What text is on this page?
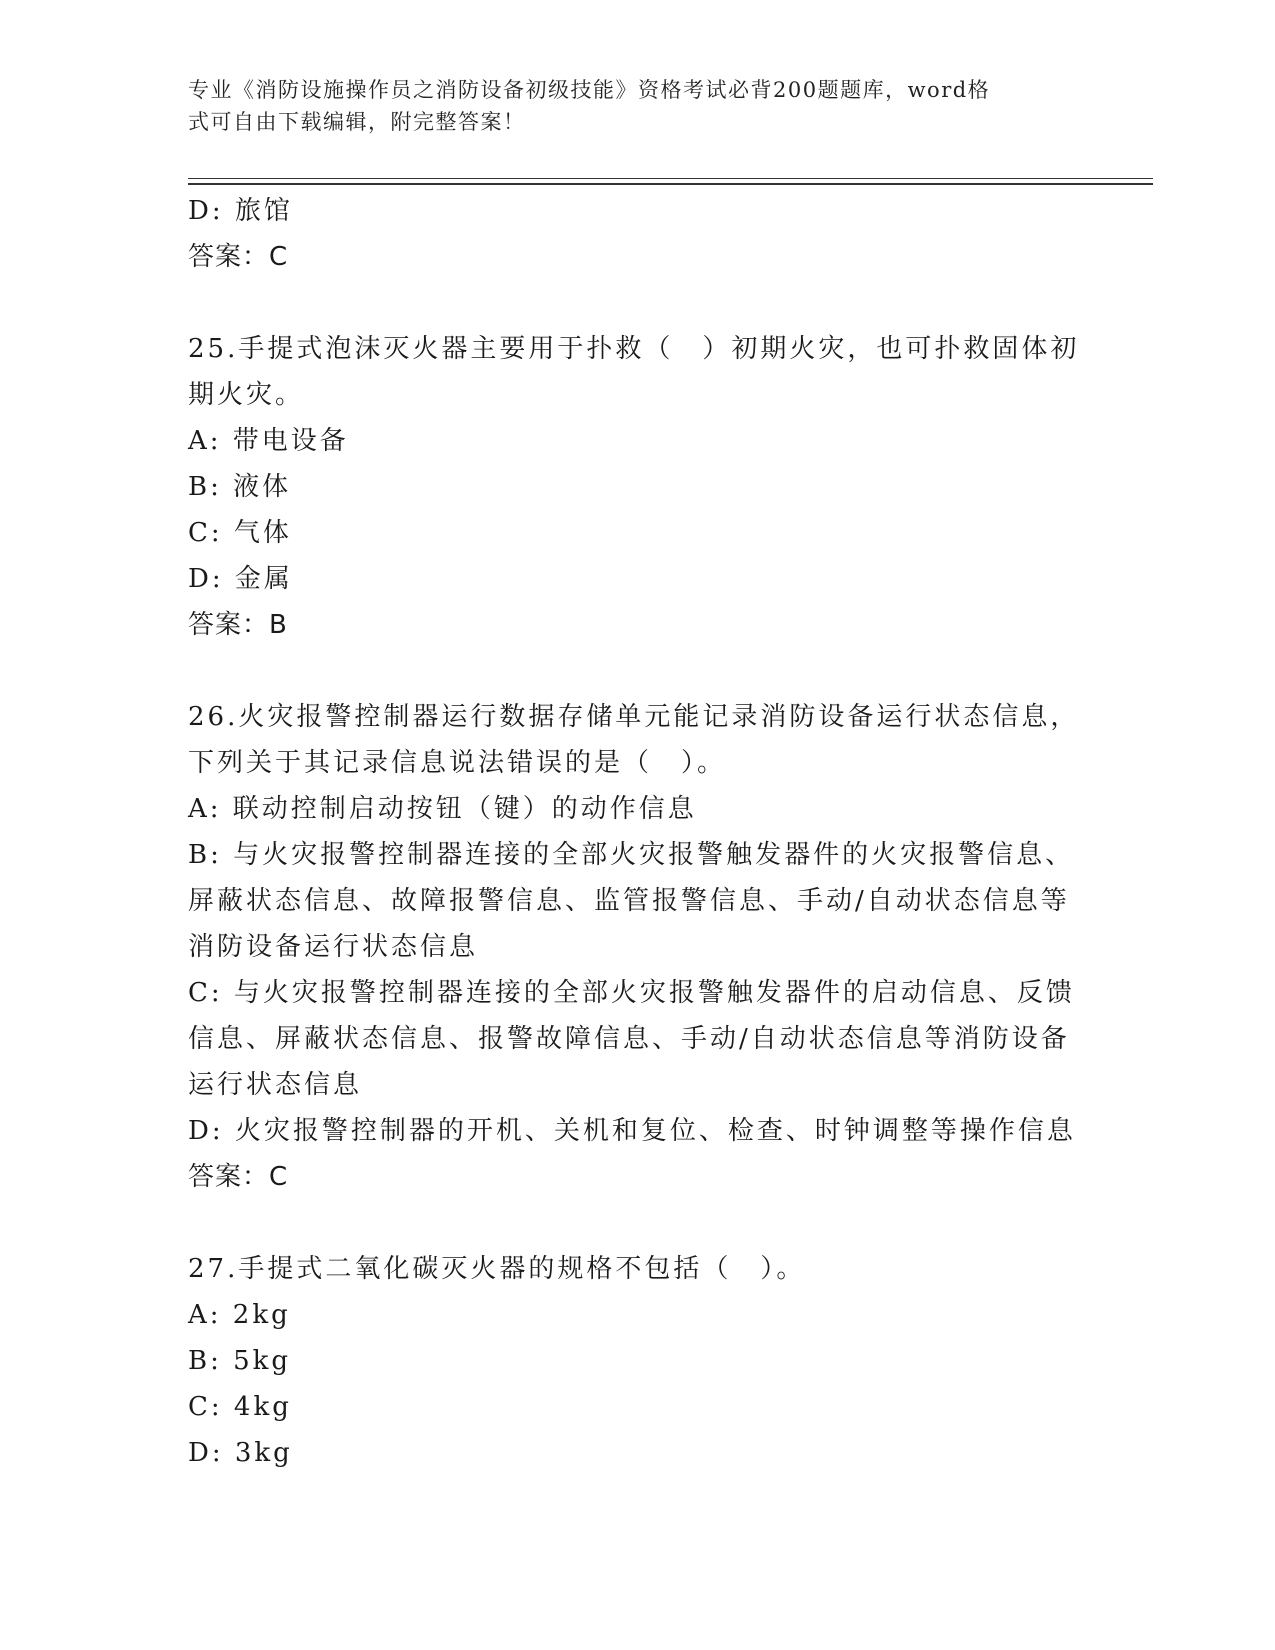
专业《消防设施操作员之消防设备初级技能》资格考试必背200题题库，word格
式可自由下载编辑，附完整答案！
D: 旅馆
答案：C
25.手提式泡沫灭火器主要用于扑救（　）初期火灾，也可扑救固体初
期火灾。
A: 带电设备
B: 液体
C: 气体
D: 金属
答案：B
26.火灾报警控制器运行数据存储单元能记录消防设备运行状态信息，
下列关于其记录信息说法错误的是（　）。
A: 联动控制启动按钮（键）的动作信息
B: 与火灾报警控制器连接的全部火灾报警触发器件的火灾报警信息、
屏蔽状态信息、故障报警信息、监管报警信息、手动/自动状态信息等
消防设备运行状态信息
C: 与火灾报警控制器连接的全部火灾报警触发器件的启动信息、反馈
信息、屏蔽状态信息、报警故障信息、手动/自动状态信息等消防设备
运行状态信息
D: 火灾报警控制器的开机、关机和复位、检查、时钟调整等操作信息
答案：C
27.手提式二氧化碳灭火器的规格不包括（　）。
A: 2kg
B: 5kg
C: 4kg
D: 3kg
